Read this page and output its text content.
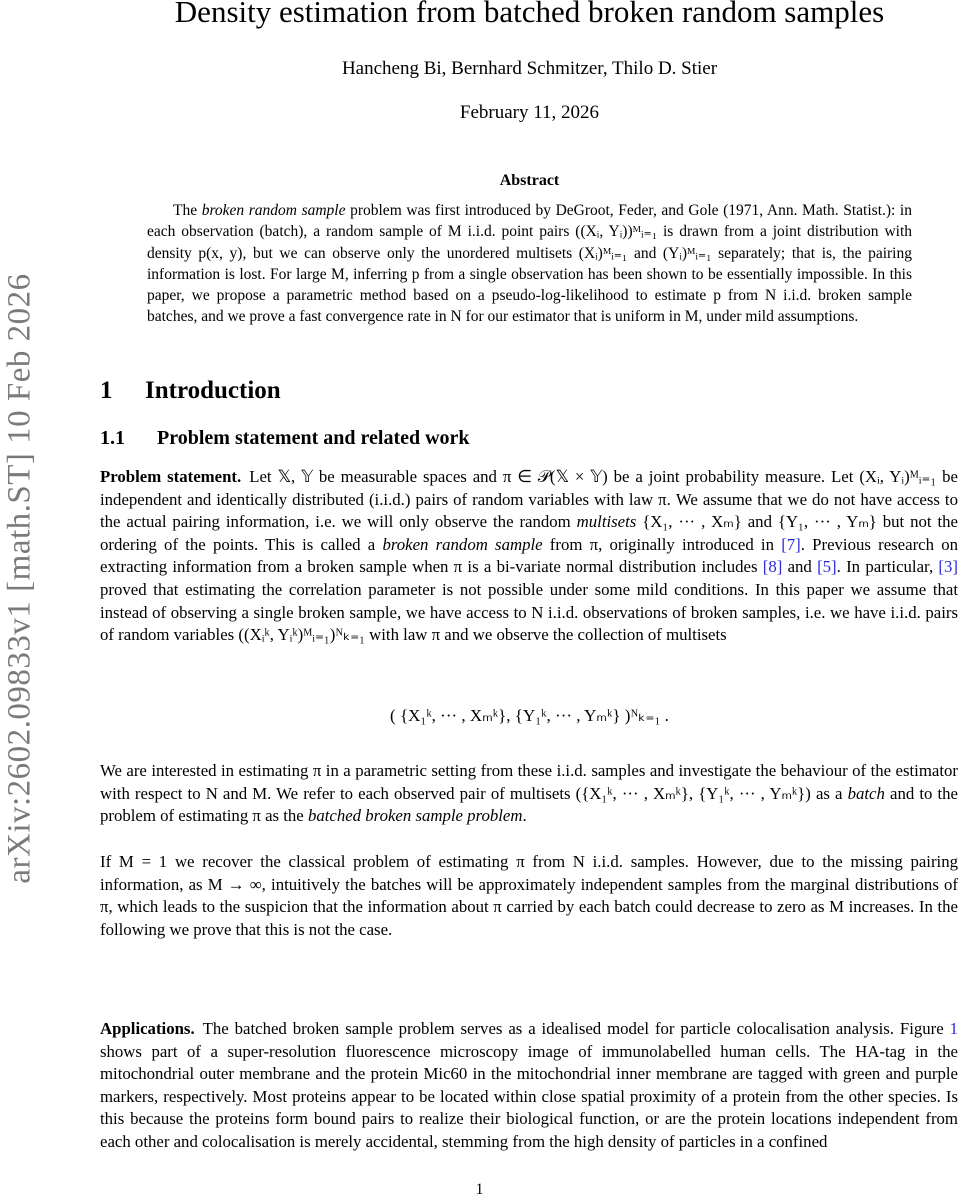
arXiv:2602.09833v1 [math.ST] 10 Feb 2026
Density estimation from batched broken random samples
Hancheng Bi, Bernhard Schmitzer, Thilo D. Stier
February 11, 2026
Abstract
The broken random sample problem was first introduced by DeGroot, Feder, and Gole (1971, Ann. Math. Statist.): in each observation (batch), a random sample of M i.i.d. point pairs ((Xᵢ, Yᵢ))ᴹᵢ₌₁ is drawn from a joint distribution with density p(x, y), but we can observe only the unordered multisets (Xᵢ)ᴹᵢ₌₁ and (Yᵢ)ᴹᵢ₌₁ separately; that is, the pairing information is lost. For large M, inferring p from a single observation has been shown to be essentially impossible. In this paper, we propose a parametric method based on a pseudo-log-likelihood to estimate p from N i.i.d. broken sample batches, and we prove a fast convergence rate in N for our estimator that is uniform in M, under mild assumptions.
1 Introduction
1.1 Problem statement and related work
Problem statement. Let 𝕏, 𝕐 be measurable spaces and π ∈ 𝒫(𝕏 × 𝕐) be a joint probability measure. Let (Xᵢ, Yᵢ)ᴹᵢ₌₁ be independent and identically distributed (i.i.d.) pairs of random variables with law π. We assume that we do not have access to the actual pairing information, i.e. we will only observe the random multisets {X₁, ··· , Xₘ} and {Y₁, ··· , Yₘ} but not the ordering of the points. This is called a broken random sample from π, originally introduced in [7]. Previous research on extracting information from a broken sample when π is a bi-variate normal distribution includes [8] and [5]. In particular, [3] proved that estimating the correlation parameter is not possible under some mild conditions. In this paper we assume that instead of observing a single broken sample, we have access to N i.i.d. observations of broken samples, i.e. we have i.i.d. pairs of random variables ((Xᵢᵏ, Yᵢᵏ)ᴹᵢ₌₁)ᴺₖ₌₁ with law π and we observe the collection of multisets
( {X₁ᵏ, ··· , Xₘᵏ}, {Y₁ᵏ, ··· , Yₘᵏ} )ᴺₖ₌₁ .
We are interested in estimating π in a parametric setting from these i.i.d. samples and investigate the behaviour of the estimator with respect to N and M. We refer to each observed pair of multisets ({X₁ᵏ, ··· , Xₘᵏ}, {Y₁ᵏ, ··· , Yₘᵏ}) as a batch and to the problem of estimating π as the batched broken sample problem.
If M = 1 we recover the classical problem of estimating π from N i.i.d. samples. However, due to the missing pairing information, as M → ∞, intuitively the batches will be approximately independent samples from the marginal distributions of π, which leads to the suspicion that the information about π carried by each batch could decrease to zero as M increases. In the following we prove that this is not the case.
Applications. The batched broken sample problem serves as a idealised model for particle colocalisation analysis. Figure 1 shows part of a super-resolution fluorescence microscopy image of immunolabelled human cells. The HA-tag in the mitochondrial outer membrane and the protein Mic60 in the mitochondrial inner membrane are tagged with green and purple markers, respectively. Most proteins appear to be located within close spatial proximity of a protein from the other species. Is this because the proteins form bound pairs to realize their biological function, or are the protein locations independent from each other and colocalisation is merely accidental, stemming from the high density of particles in a confined
1
